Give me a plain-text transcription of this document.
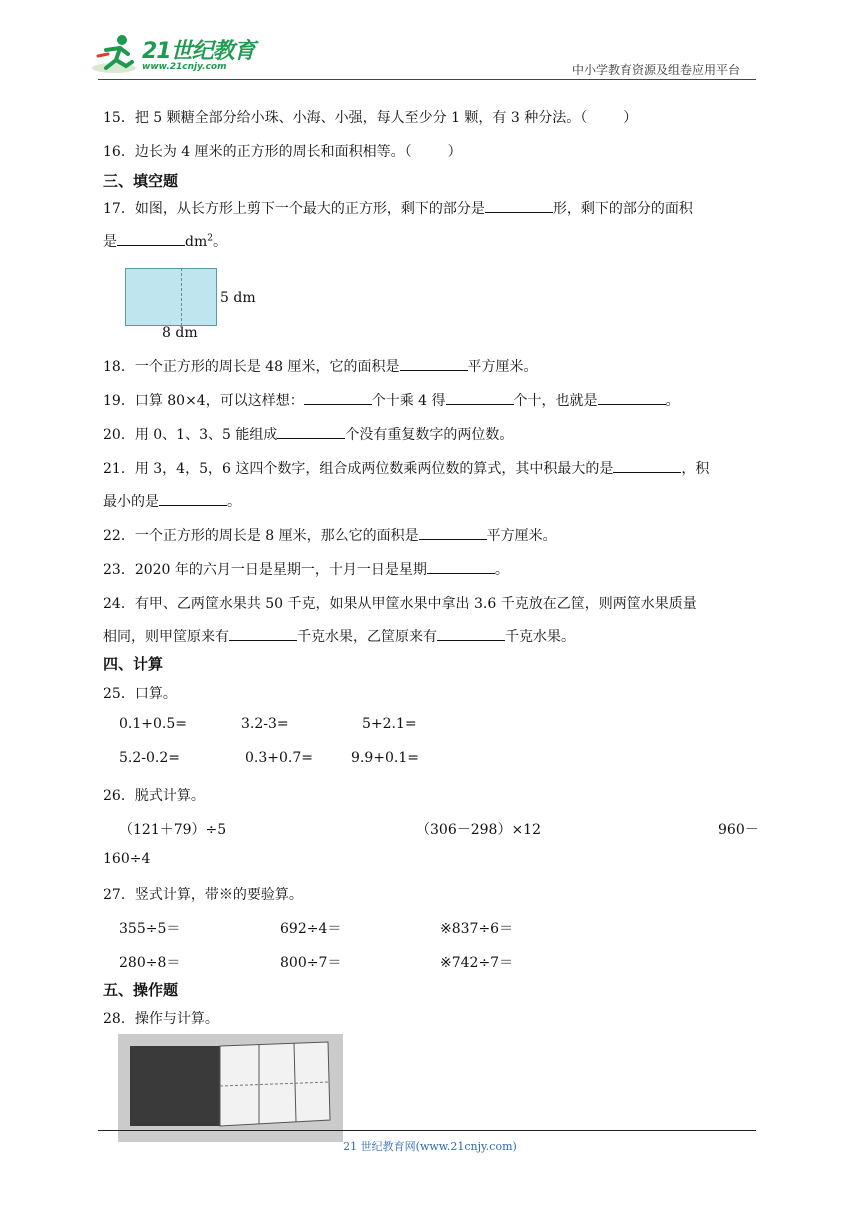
21世纪教育
www.21cnjy.com	中小学教育资源及组卷应用平台
15．把 5 颗糖全部分给小珠、小海、小强，每人至少分 1 颗，有 3 种分法。（	）
16．边长为 4 厘米的正方形的周长和面积相等。（	）
三、填空题
17．如图，从长方形上剪下一个最大的正方形，剩下的部分是	形，剩下的部分的面积
是	$dm^2$。
5 dm
8 dm
18．一个正方形的周长是 48 厘米，它的面积是	平方厘米。
19．口算 80×4，可以这样想：	个十乘 4 得	个十，也就是	。
20．用 0、1、3、5 能组成	个没有重复数字的两位数。
21．用 3，4，5，6 这四个数字，组合成两位数乘两位数的算式，其中积最大的是	，积
最小的是	。
22．一个正方形的周长是 8 厘米，那么它的面积是	平方厘米。
23．2020 年的六月一日是星期一，十月一日是星期	。
24．有甲、乙两筐水果共 50 千克，如果从甲筐水果中拿出 3.6 千克放在乙筐，则两筐水果质量
相同，则甲筐原来有	千克水果，乙筐原来有	千克水果。
四、计算
25．口算。
0.1+0.5=	3.2-3=	5+2.1=
5.2-0.2=	0.3+0.7=	9.9+0.1=
26．脱式计算。
（121＋79）÷5	（306－298）×12	960－
160÷4
27．竖式计算，带※的要验算。
355÷5＝	692÷4＝	※837÷6＝
280÷8＝	800÷7＝	※742÷7＝
五、操作题
28．操作与计算。
21 世纪教育网(www.21cnjy.com)
